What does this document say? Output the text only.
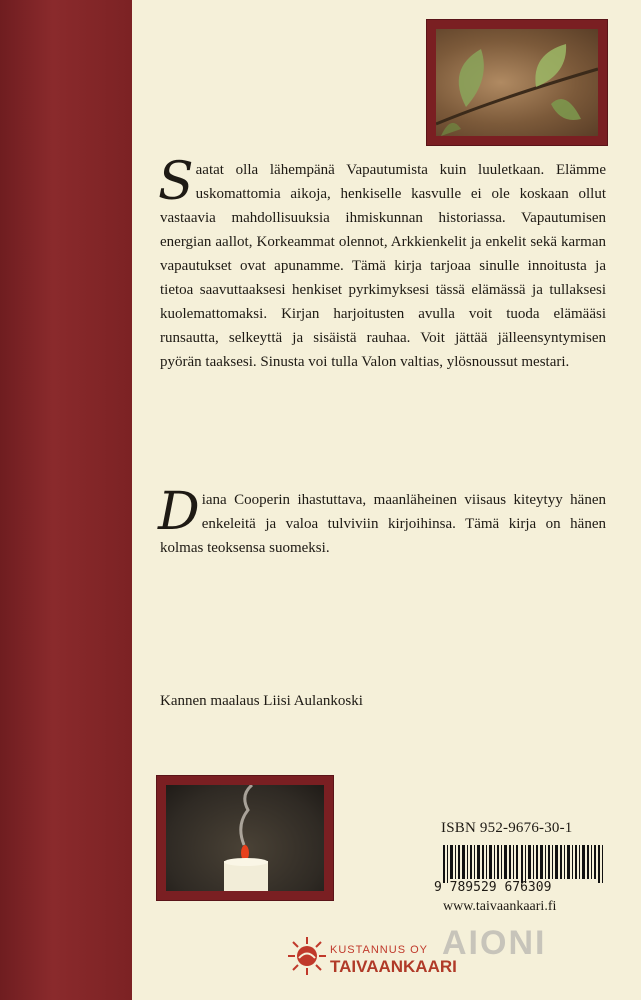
Saatat olla lähempänä Vapautumista kuin luuletkaan. Elämme uskomattomia aikoja, henkiselle kasvulle ei ole koskaan ollut vastaavia mahdollisuuksia ihmiskunnan historiassa. Vapautumisen energian aallot, Korkeammat olennot, Arkkienkelit ja enkelit sekä karman vapautukset ovat apunamme. Tämä kirja tarjoaa sinulle innoitusta ja tietoa saavuttaaksesi henkiset pyrkimyksesi tässä elämässä ja tullaksesi kuolemattomaksi. Kirjan harjoitusten avulla voit tuoda elämääsi runsautta, selkeyttä ja sisäistä rauhaa. Voit jättää jälleensyntymisen pyörän taaksesi. Sinusta voi tulla Valon valtias, ylösnoussut mestari.
Diana Cooperin ihastuttava, maanläheinen viisaus kiteytyy hänen enkeleitä ja valoa tulviviin kirjoihinsa. Tämä kirja on hänen kolmas teoksensa suomeksi.
Kannen maalaus Liisi Aulankoski
ISBN 952-9676-30-1
9 789529 676309
www.taivaankaari.fi
AIONI
KUSTANNUS OY
TAIVAANKAARI
